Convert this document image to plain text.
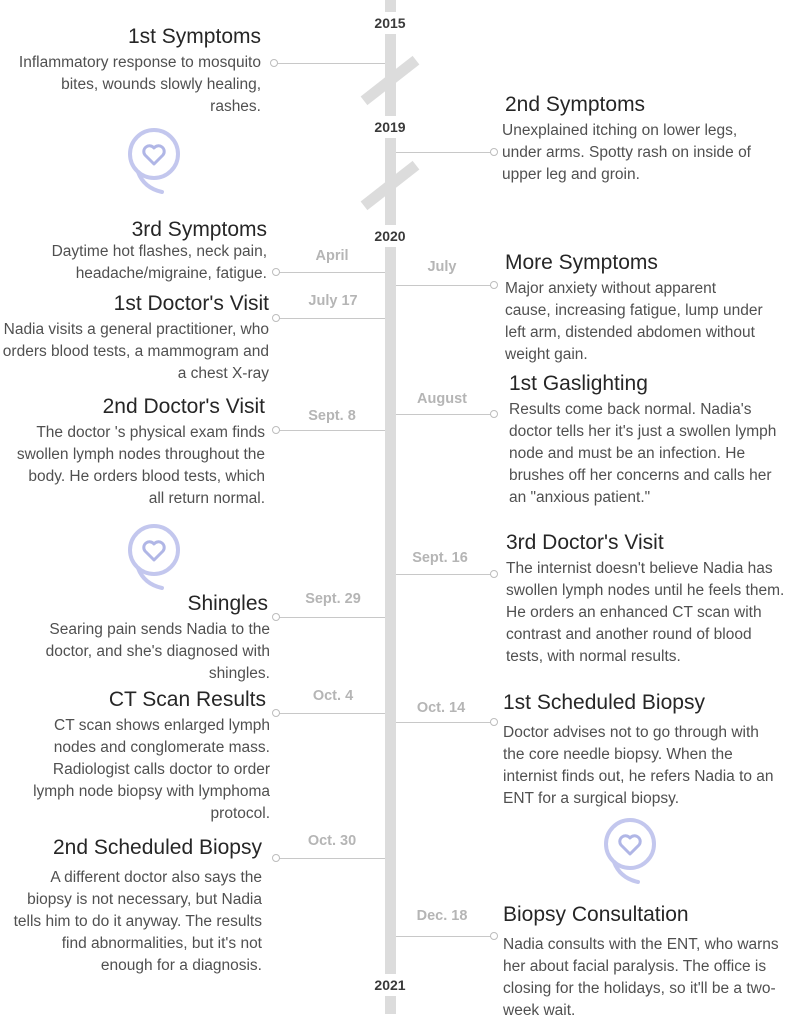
2015
2019
2020
2021
1st Symptoms

Inflammatory response to mosquito bites, wounds slowly healing, rashes.	2nd Symptoms

Unexplained itching on lower legs, under arms. Spotty rash on inside of upper leg and groin.

April
3rd Symptoms

Daytime hot flashes, neck pain, headache/migraine, fatigue.	July	More Symptoms

Major anxiety without apparent cause, increasing fatigue, lump under left arm, distended abdomen without weight gain.

July 17
1st Doctor's Visit

Nadia visits a general practitioner, who orders blood tests, a mammogram and a chest X-ray

August
1st Gaslighting

Results come back normal. Nadia's doctor tells her it's just a swollen lymph node and must be an infection. He brushes off her concerns and calls her an "anxious patient."

Sept. 8
2nd Doctor's Visit

The doctor 's physical exam finds swollen lymph nodes throughout the body. He orders blood tests, which all return normal.

Sept. 16
3rd Doctor's Visit

The internist doesn't believe Nadia has swollen lymph nodes until he feels them. He orders an enhanced CT scan with contrast and another round of blood tests, with normal results.

Sept. 29
Shingles

Searing pain sends Nadia to the doctor, and she's diagnosed with shingles.

Oct. 4
CT Scan Results

CT scan shows enlarged lymph nodes and conglomerate mass. Radiologist calls doctor to order lymph node biopsy with lymphoma protocol.

Oct. 14	1st Scheduled Biopsy

Doctor advises not to go through with the core needle biopsy. When the internist finds out, he refers Nadia to an ENT for a surgical biopsy.

Oct. 30
2nd Scheduled Biopsy

A different doctor also says the biopsy is not necessary, but Nadia tells him to do it anyway. The results find abnormalities, but it's not enough for a diagnosis.

Dec. 18	Biopsy Consultation

Nadia consults with the ENT, who warns her about facial paralysis. The office is closing for the holidays, so it'll be a two-week wait.
